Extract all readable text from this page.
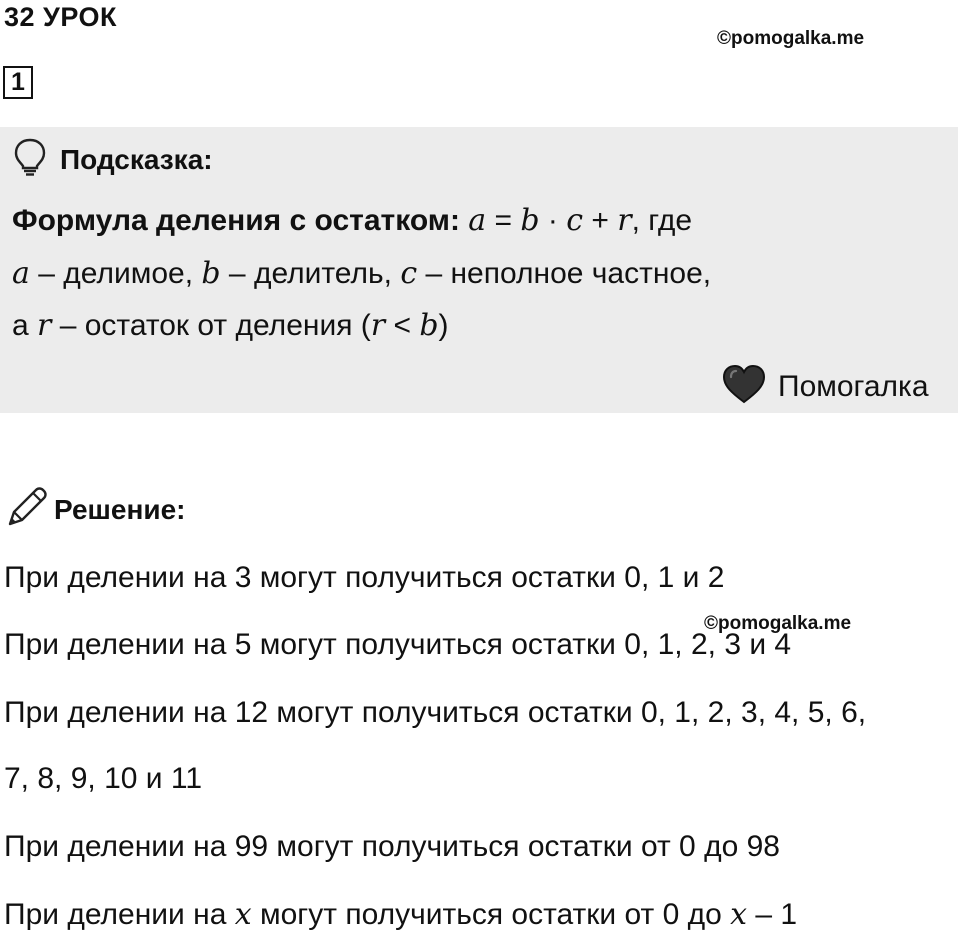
32 УРОК
©pomogalka.me
1
Подсказка:
Формула деления с остатком: a = b · c + r, где
a – делимое, b – делитель, c – неполное частное,
а r – остаток от деления (r < b)
Помогалка
Решение:
При делении на 3 могут получиться остатки 0, 1 и 2
©pomogalka.me
При делении на 5 могут получиться остатки 0, 1, 2, 3 и 4
При делении на 12 могут получиться остатки 0, 1, 2, 3, 4, 5, 6,
7, 8, 9, 10 и 11
При делении на 99 могут получиться остатки от 0 до 98
При делении на x могут получиться остатки от 0 до x – 1
